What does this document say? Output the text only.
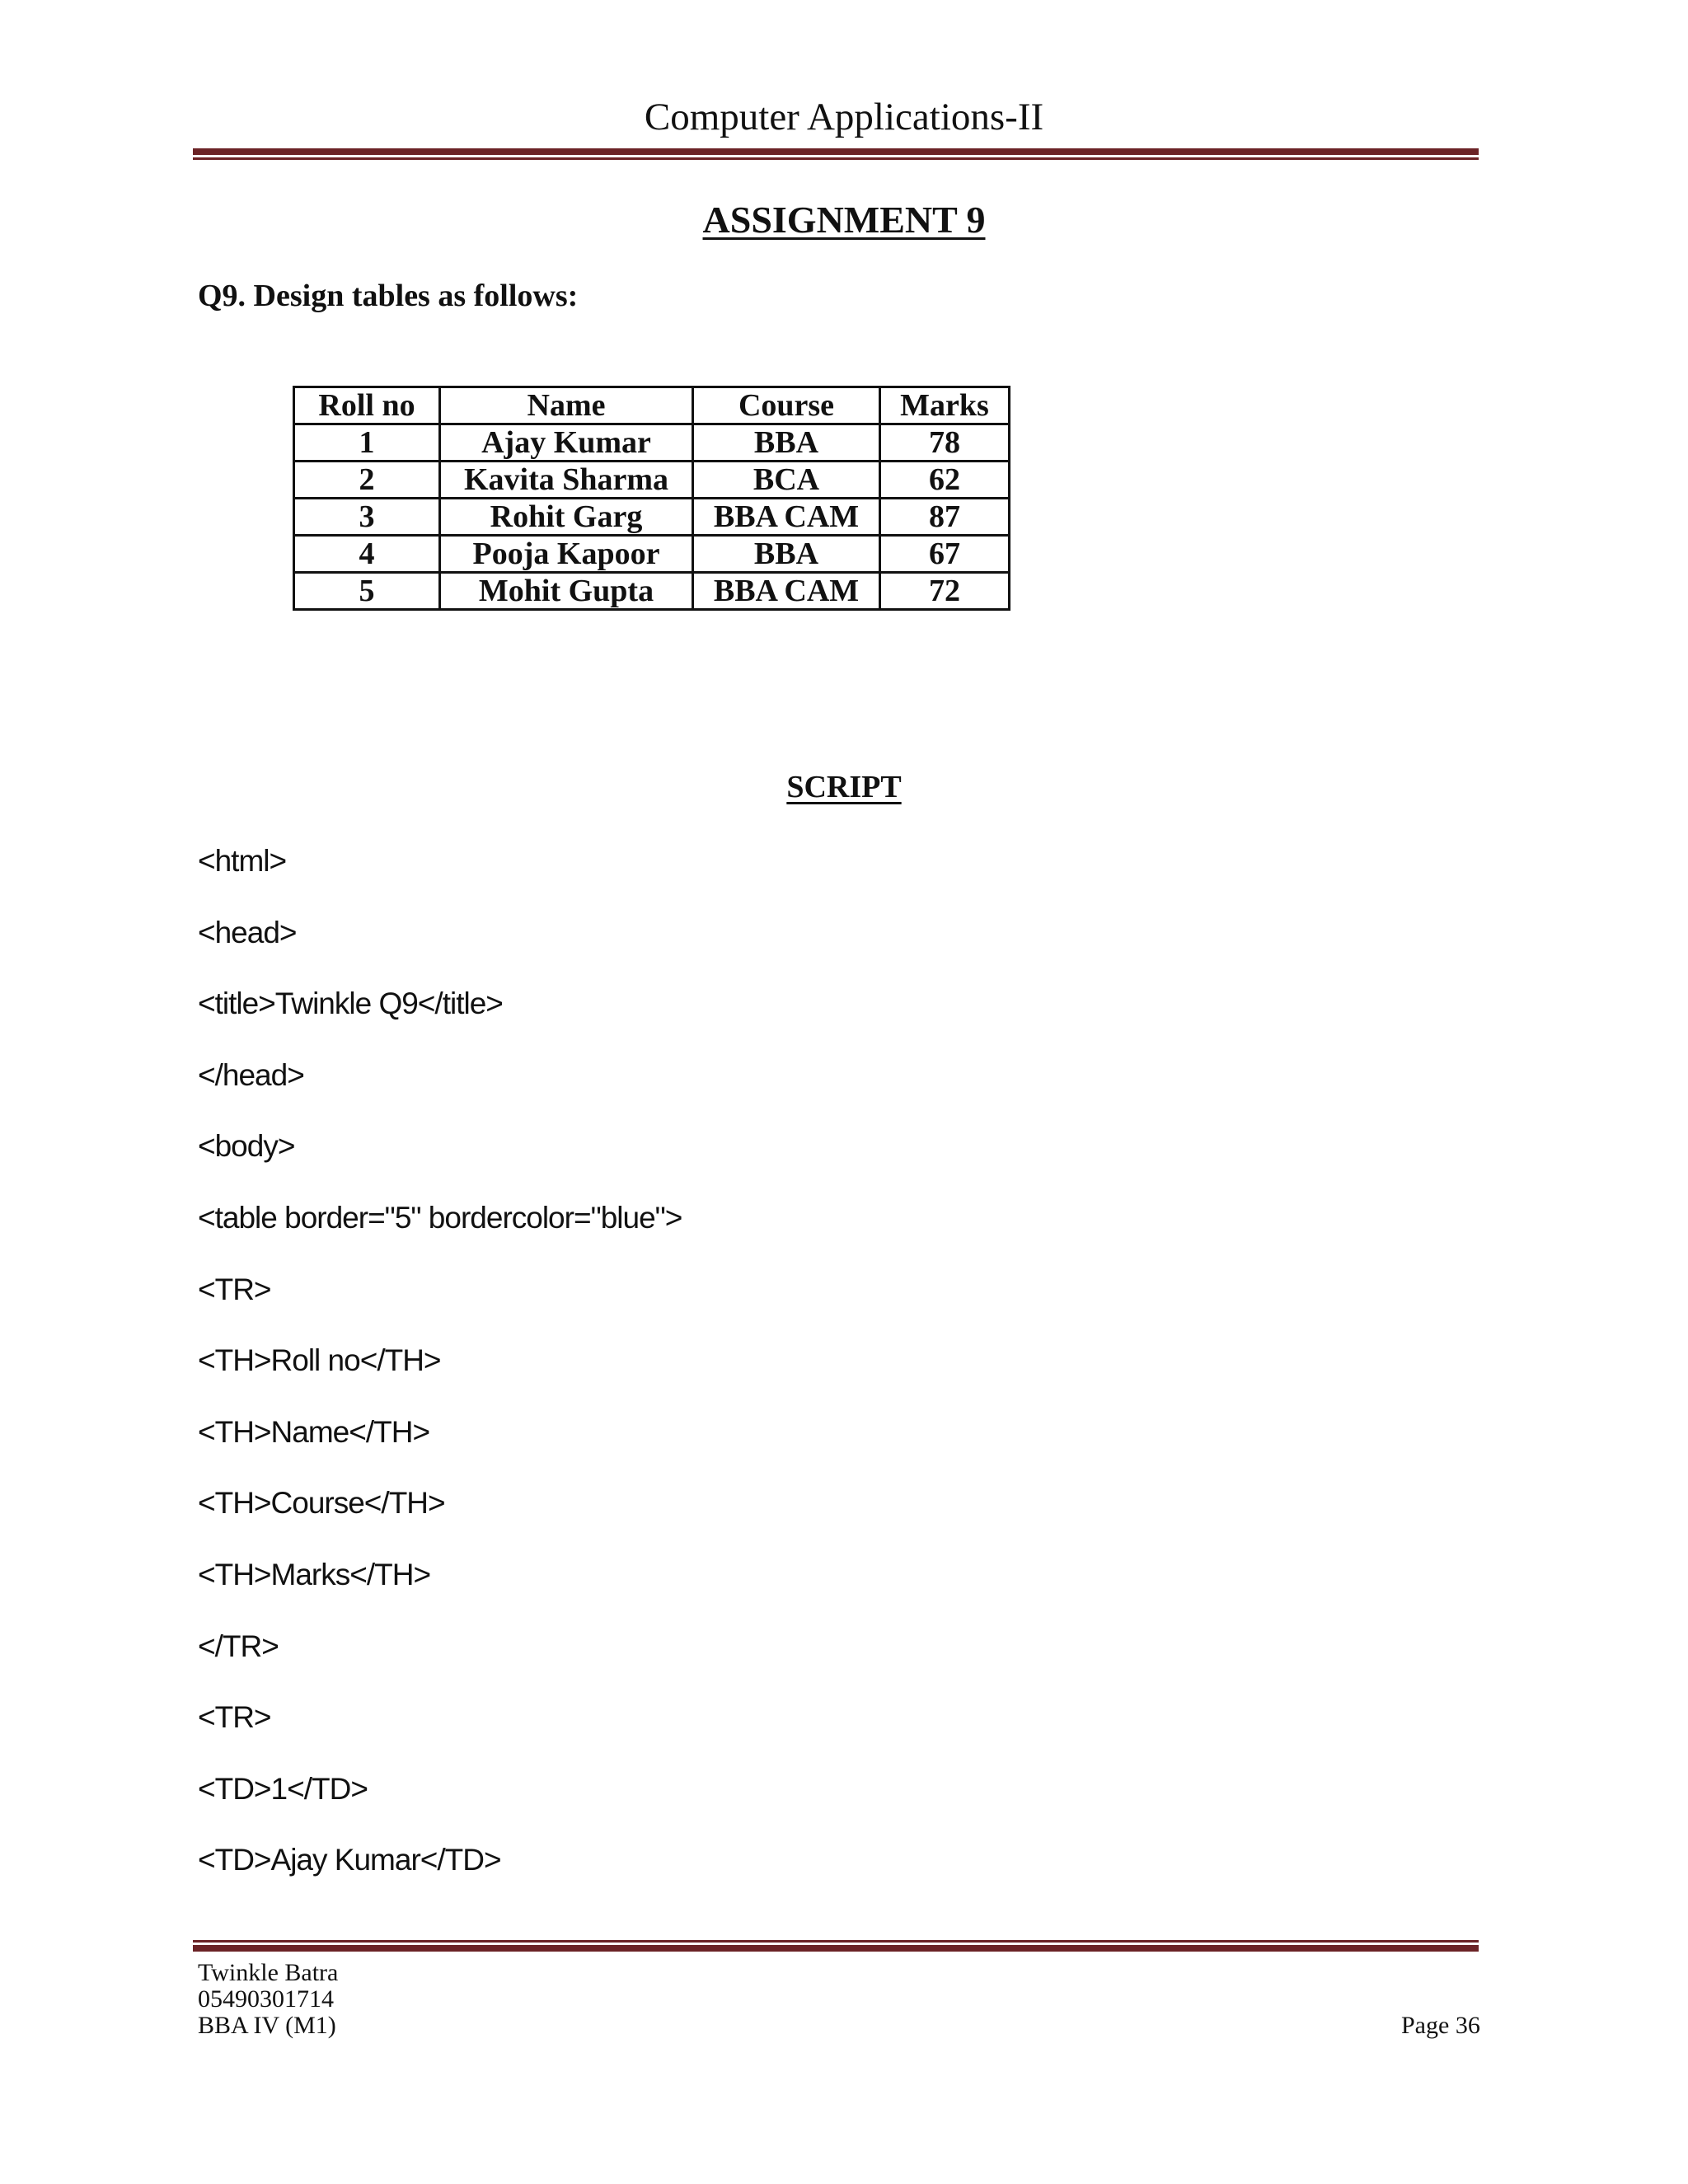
Computer Applications-II
ASSIGNMENT 9
Q9. Design tables as follows:
Roll no	Name	Course	Marks
1	Ajay Kumar	BBA	78
2	Kavita Sharma	BCA	62
3	Rohit Garg	BBA CAM	87
4	Pooja Kapoor	BBA	67
5	Mohit Gupta	BBA CAM	72
SCRIPT
<html>
<head>
<title>Twinkle Q9</title>
</head>
<body>
<table border="5" bordercolor="blue">
<TR>
<TH>Roll no</TH>
<TH>Name</TH>
<TH>Course</TH>
<TH>Marks</TH>
</TR>
<TR>
<TD>1</TD>
<TD>Ajay Kumar</TD>
Twinkle Batra
05490301714
BBA IV (M1)	Page 36
